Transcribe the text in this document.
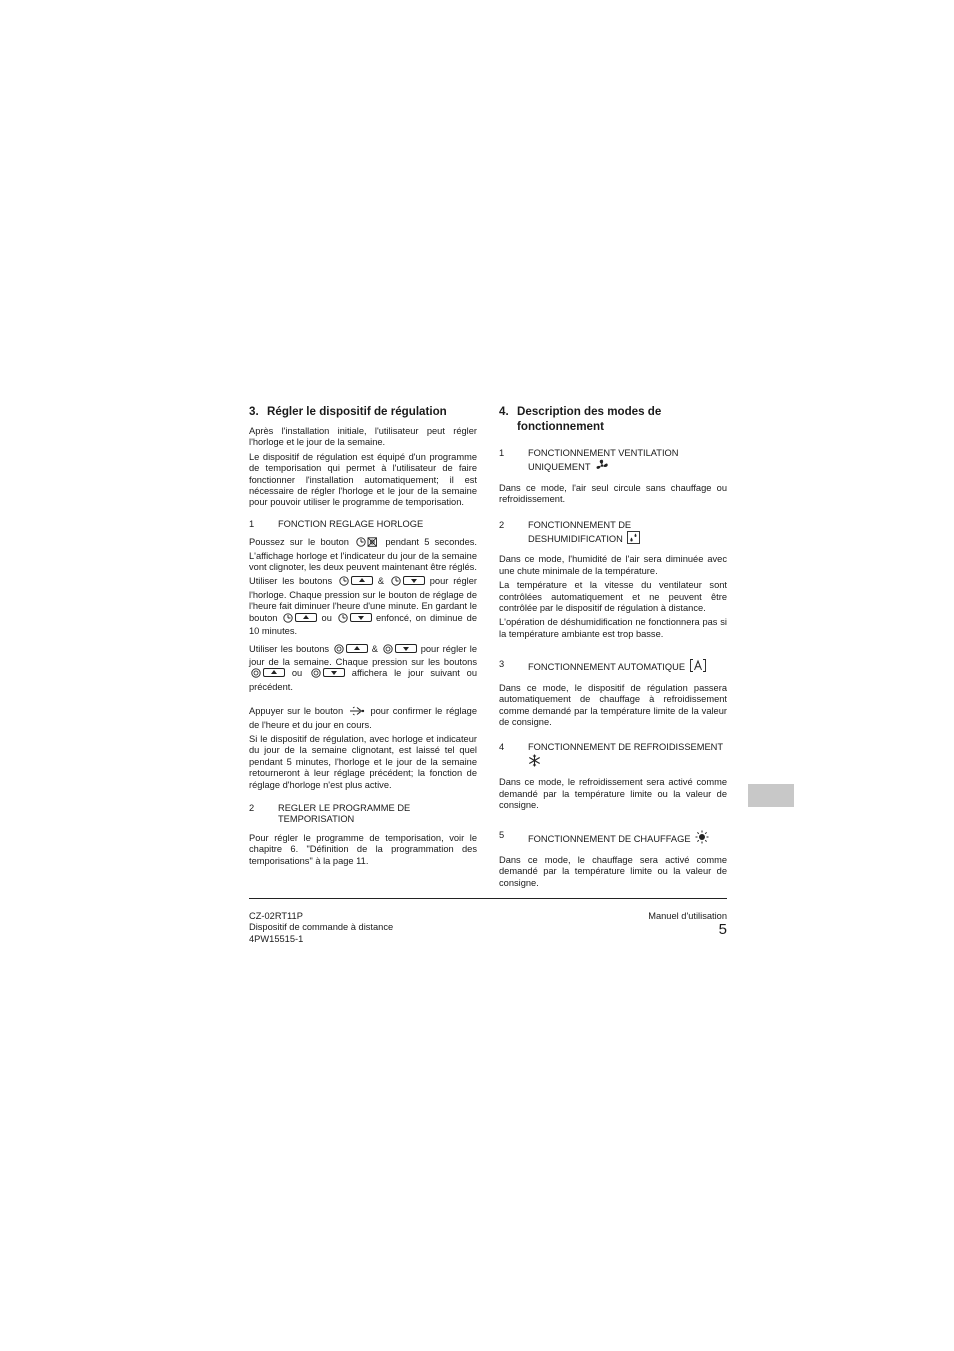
3. Régler le dispositif de régulation

Après l'installation initiale, l'utilisateur peut régler l'horloge et le jour de la semaine.

Le dispositif de régulation est équipé d'un programme de temporisation qui permet à l'utilisateur de faire fonctionner l'installation automatiquement; il est nécessaire de régler l'horloge et le jour de la semaine pour pouvoir utiliser le programme de temporisation.

1	FONCTION REGLAGE HORLOGE

Poussez sur le bouton	pendant 5 secondes. L'affichage horloge et l'indicateur du jour de la semaine vont clignoter, les deux peuvent maintenant être réglés.

Utiliser les boutons	&	pour régler l'horloge. Chaque pression sur le bouton de réglage de l'heure fait diminuer l'heure d'une minute. En gardant le bouton	ou	enfoncé, on diminue de 10 minutes.

Utiliser les boutons	&	pour régler le jour de la semaine. Chaque pression sur les boutons  ou	affichera le jour suivant ou précédent.

Appuyer sur le bouton	pour confirmer le réglage de l'heure et du jour en cours.

Si le dispositif de régulation, avec horloge et indicateur du jour de la semaine clignotant, est laissé tel quel pendant 5 minutes, l'horloge et le jour de la semaine retourneront à leur réglage précédent; la fonction de réglage d'horloge n'est plus active.

2	REGLER LE PROGRAMME DE
TEMPORISATION

Pour régler le programme de temporisation, voir le chapitre 6. "Définition de la programmation des temporisations" à la page 11.

4. Description des modes de
fonctionnement
1	FONCTIONNEMENT VENTILATION
UNIQUEMENT

Dans ce mode, l'air seul circule sans chauffage ou refroidissement.

2	FONCTIONNEMENT DE
DESHUMIDIFICATION

Dans ce mode, l'humidité de l'air sera diminuée avec une chute minimale de la température.

La température et la vitesse du ventilateur sont contrôlées automatiquement et ne peuvent être contrôlée par le dispositif de régulation à distance.

L'opération de déshumidification ne fonctionnera pas si la température ambiante est trop basse.

3	FONCTIONNEMENT AUTOMATIQUE

Dans ce mode, le dispositif de régulation passera automatiquement de chauffage à refroidissement comme demandé par la température limite de la valeur de consigne.

4	FONCTIONNEMENT DE REFROIDISSEMENT

Dans ce mode, le refroidissement sera activé comme demandé par la température limite ou la valeur de consigne.

5	FONCTIONNEMENT DE CHAUFFAGE

Dans ce mode, le chauffage sera activé comme demandé par la température limite ou la valeur de consigne.

CZ-02RT11P
Dispositif de commande à distance
4PW15515-1
Manuel d'utilisation
5
